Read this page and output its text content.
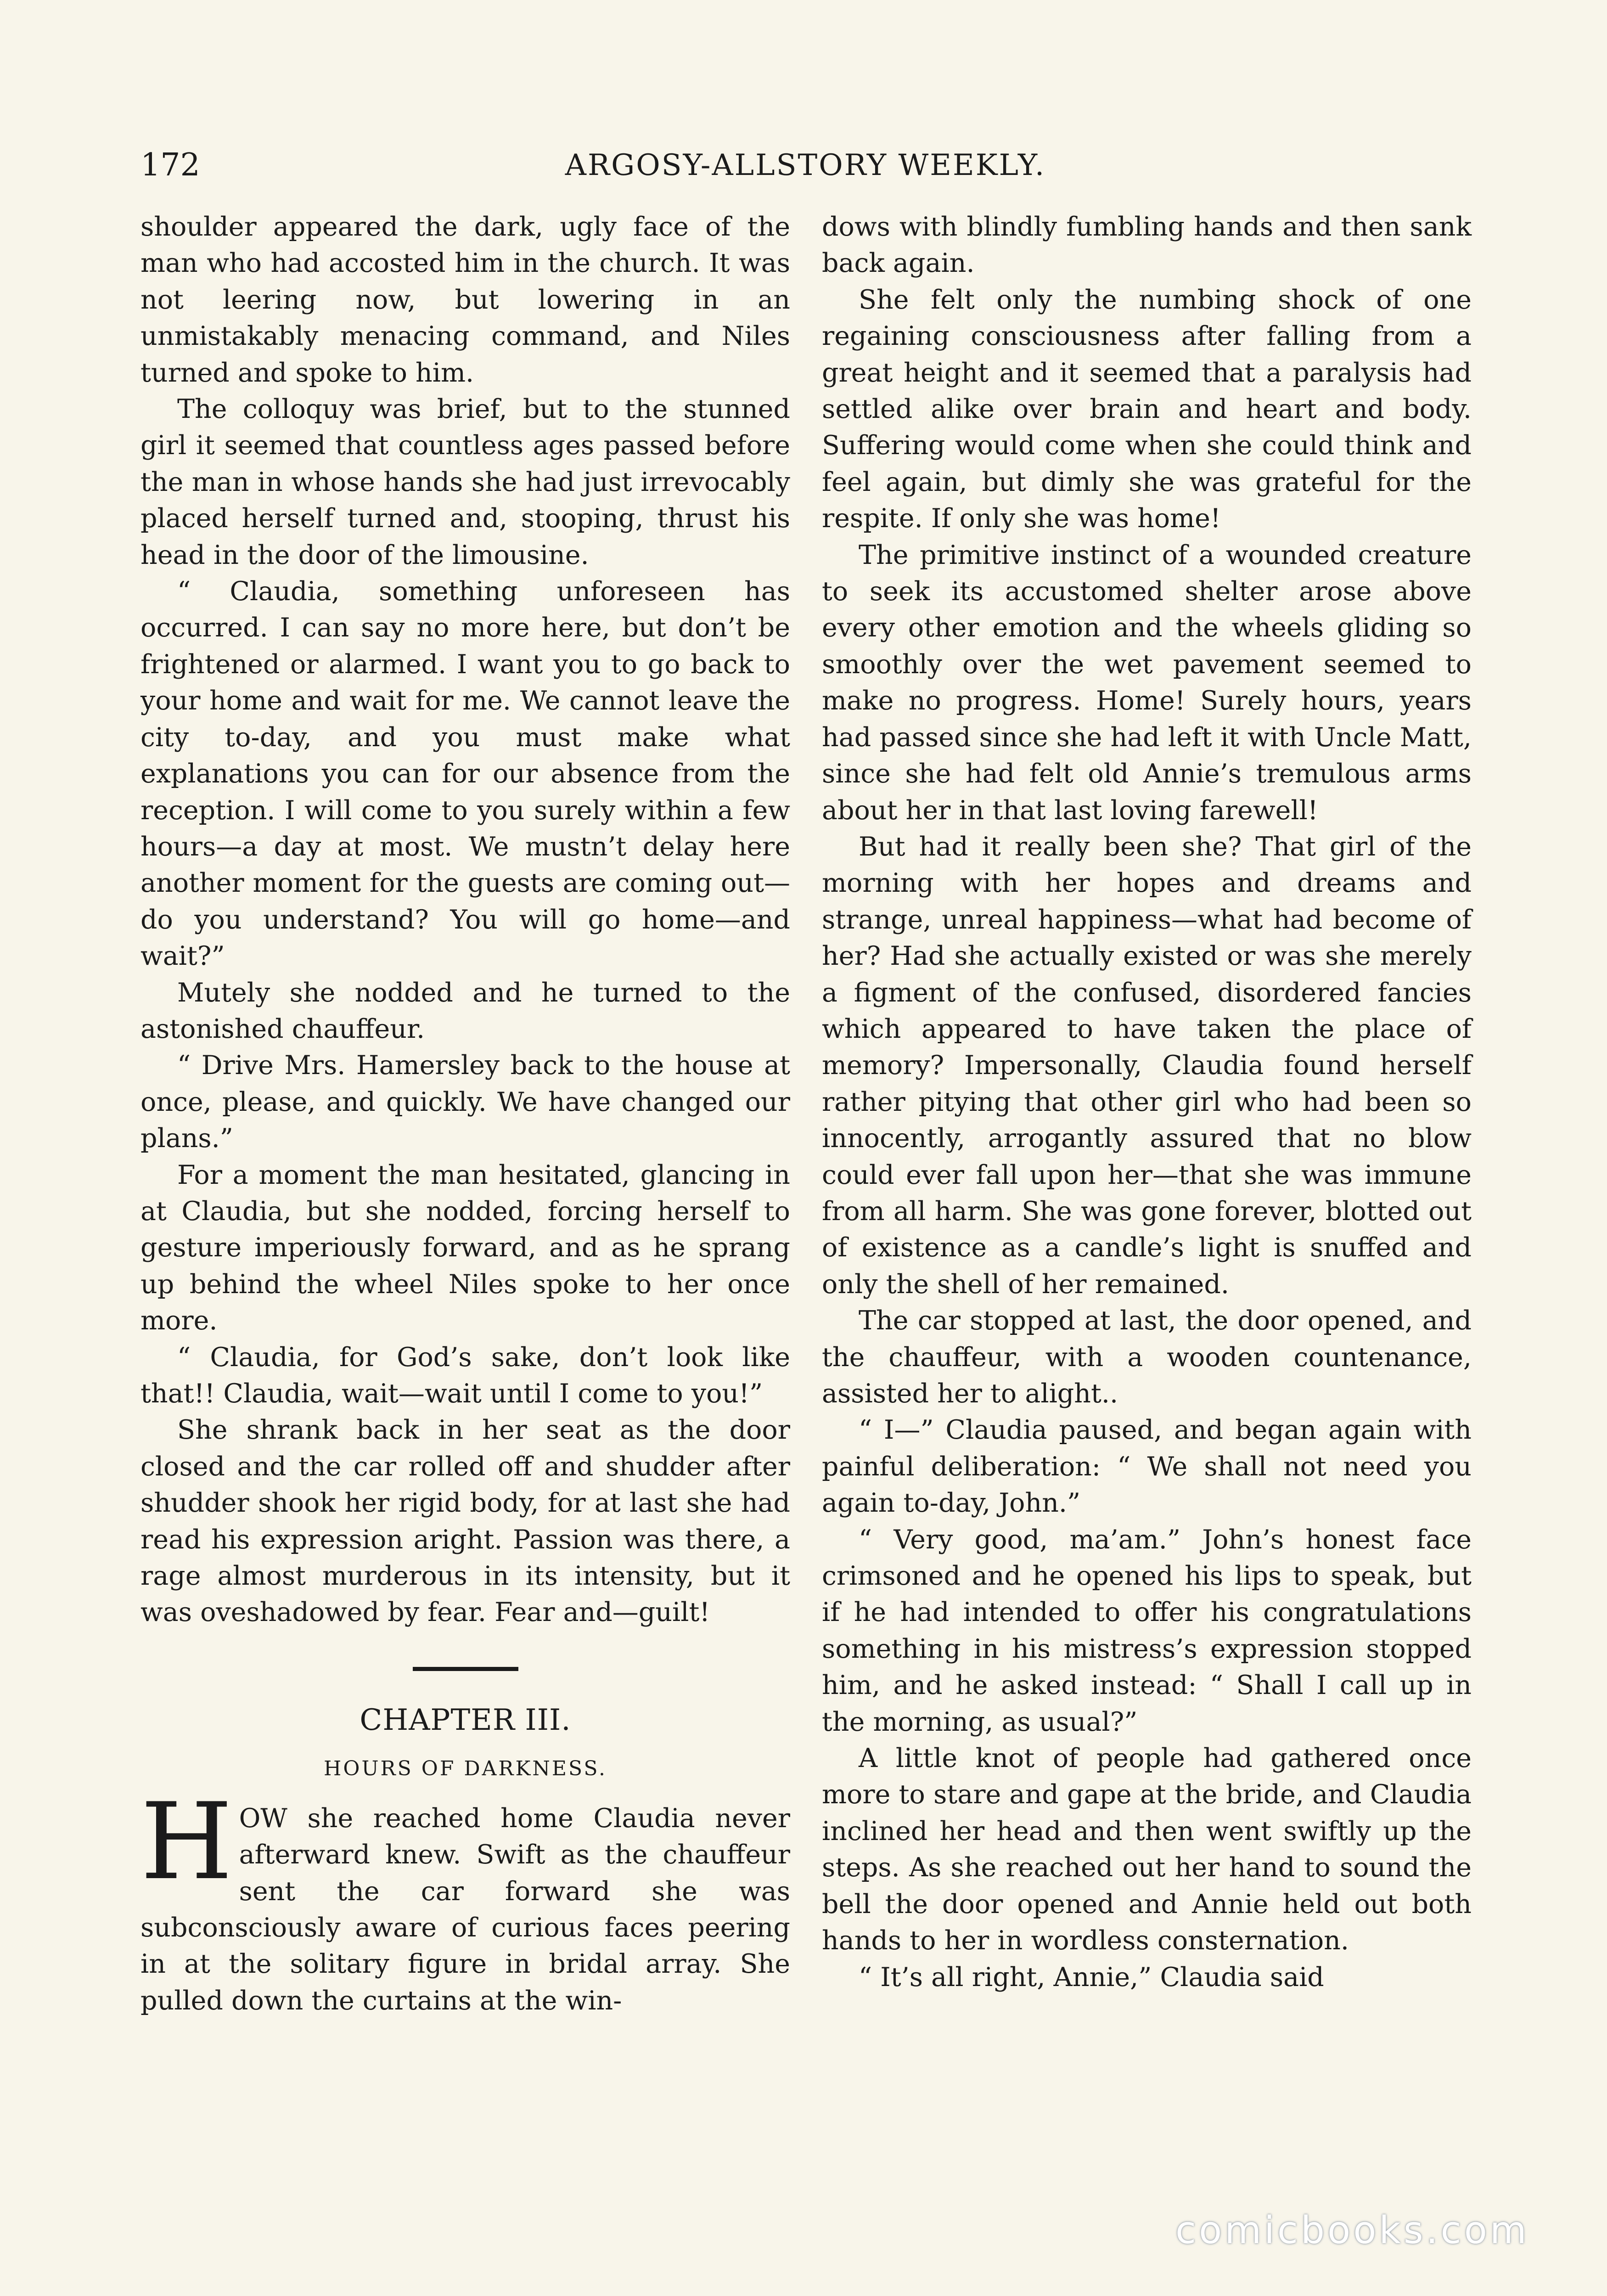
172	ARGOSY-ALLSTORY WEEKLY.

shoulder appeared the dark, ugly face of the man who had accosted him in the church. It was not leering now, but lowering in an unmistakably menacing command, and Niles turned and spoke to him.

The colloquy was brief, but to the stunned girl it seemed that countless ages passed before the man in whose hands she had just irrevocably placed herself turned and, stooping, thrust his head in the door of the limousine.

“ Claudia, something unforeseen has occurred. I can say no more here, but don’t be frightened or alarmed. I want you to go back to your home and wait for me. We cannot leave the city to-day, and you must make what explanations you can for our absence from the reception. I will come to you surely within a few hours—a day at most. We mustn’t delay here another moment for the guests are coming out—do you understand? You will go home—and wait?”

Mutely she nodded and he turned to the astonished chauffeur.

“ Drive Mrs. Hamersley back to the house at once, please, and quickly. We have changed our plans.”

For a moment the man hesitated, glancing in at Claudia, but she nodded, forcing herself to gesture imperiously forward, and as he sprang up behind the wheel Niles spoke to her once more.

“ Claudia, for God’s sake, don’t look like that!! Claudia, wait—wait until I come to you!”

She shrank back in her seat as the door closed and the car rolled off and shudder after shudder shook her rigid body, for at last she had read his expression aright. Passion was there, a rage almost murderous in its intensity, but it was oveshadowed by fear. Fear and—guilt!

CHAPTER III.
HOURS OF DARKNESS.

H OW she reached home Claudia never afterward knew. Swift as the chauffeur sent the car forward she was subconsciously aware of curious faces peering in at the solitary figure in bridal array. She pulled down the curtains at the win-

dows with blindly fumbling hands and then sank back again.

She felt only the numbing shock of one regaining consciousness after falling from a great height and it seemed that a paralysis had settled alike over brain and heart and body. Suffering would come when she could think and feel again, but dimly she was grateful for the respite. If only she was home!

The primitive instinct of a wounded creature to seek its accustomed shelter arose above every other emotion and the wheels gliding so smoothly over the wet pavement seemed to make no progress. Home! Surely hours, years had passed since she had left it with Uncle Matt, since she had felt old Annie’s tremulous arms about her in that last loving farewell!

But had it really been she? That girl of the morning with her hopes and dreams and strange, unreal happiness—what had become of her? Had she actually existed or was she merely a figment of the confused, disordered fancies which appeared to have taken the place of memory? Impersonally, Claudia found herself rather pitying that other girl who had been so innocently, arrogantly assured that no blow could ever fall upon her—that she was immune from all harm. She was gone forever, blotted out of existence as a candle’s light is snuffed and only the shell of her remained.

The car stopped at last, the door opened, and the chauffeur, with a wooden countenance, assisted her to alight..

“ I—” Claudia paused, and began again with painful deliberation: “ We shall not need you again to-day, John.”

“ Very good, ma’am.” John’s honest face crimsoned and he opened his lips to speak, but if he had intended to offer his congratulations something in his mistress’s expression stopped him, and he asked instead: “ Shall I call up in the morning, as usual?”

A little knot of people had gathered once more to stare and gape at the bride, and Claudia inclined her head and then went swiftly up the steps. As she reached out her hand to sound the bell the door opened and Annie held out both hands to her in wordless consternation.

“ It’s all right, Annie,” Claudia said

comicbooks.com
